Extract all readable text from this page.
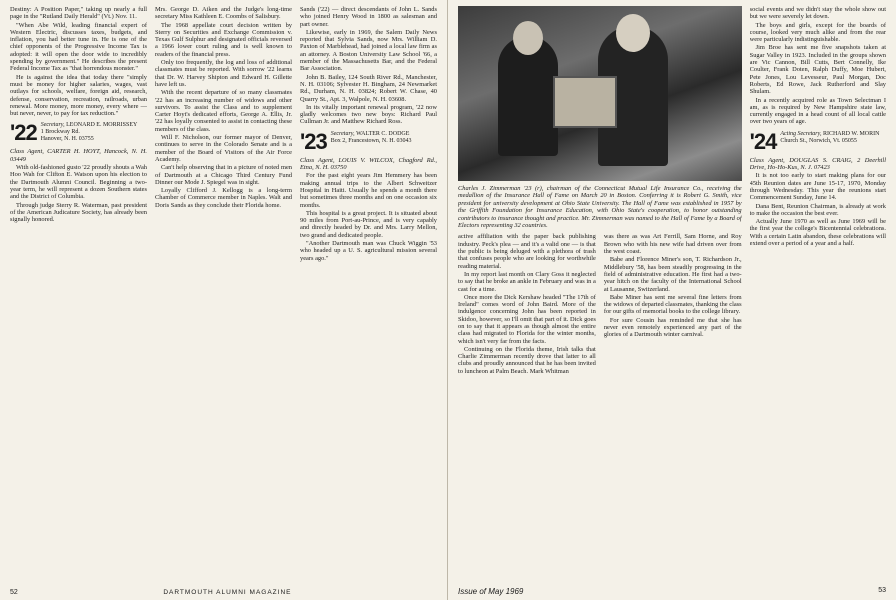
Destiny: A Position Paper," taking up nearly a full page in the "Rutland Daily Herald" (Vt.) Nov. 11.

"When Abe Wild, leading financial expert of Western Electric, discusses taxes, budgets, and inflation, you had better tune in. He is one of the chief opponents of the Progressive Income Tax is adopted: it will open the door wide to incredibly spending by government." He describes the present Federal Income Tax as "that horrendous monster."

He is against the idea that today there "simply must be money for higher salaries, wages, vast outlays for schools, welfare, foreign aid, research, defense, conservation, recreation, railroads, urban renewal. More money, more money, every where — but never, never, to pay for tax reduction."

'22 Secretary, LEONARD E. MORRISSEY
1 Brockway Rd.
Hanover, N. H. 03755

Class Agent, CARTER H. HOYT, Hancock, N. H. 03449

With old-fashioned gusto '22 proudly shouts a Wah Hoo Wah for Clifton E. Watson upon his election to the Dartmouth Alumni Council. Beginning a two-year term, he will represent a dozen Southern states and the District of Columbia.

Through judge Sterry R. Waterman, past president of the American Judicature Society, has already been signally honored.

Mrs. George D. Aiken and the Judge's long-time secretary Miss Kathleen E. Coombs of Salisbury.

The 1968 appellate court decision written by Sterry on Securities and Exchange Commission v. Texas Gulf Sulphur and designated officials reversed a 1966 lower court ruling and is well known to readers of the financial press.

Only too frequently, the log and loss of additional classmates must be reported. With sorrow '22 learns that Dr. W. Harvey Shipton and Edward H. Gillette have left us.

With the recent departure of so many classmates '22 has an increasing number of widows and other survivors. To assist the Class and to supplement Carter Hoyt's dedicated efforts, George A. Ellis, Jr. '22 has loyally consented to assist in contacting these members of the class.

Will F. Nicholson, our former mayor of Denver, continues to serve in the Colorado Senate and is a member of the Board of Visitors of the Air Force Academy.

Can't help observing that in a picture of noted men of Dartmouth at a Chicago Third Century Fund Dinner our Mode J. Spiegel was in sight.

Loyally Clifford J. Kellogg is a long-term Chamber of Commerce member in Naples. Walt and Doris Sands as they conclude their Florida home.

Sands ('22) — direct descendants of John L. Sands who joined Henry Wood in 1800 as salesman and part owner.

Likewise, early in 1969, the Salem Daily News reported that Sylvia Sands, now Mrs. William D. Paxton of Marblehead, had joined a local law firm as an attorney. A Boston University Law School '66, a member of the Massachusetts Bar, and the Federal Bar Association.

John B. Bailey, 124 South River Rd., Manchester, N. H. 03106; Sylvester H. Bingham, 24 Newmarket Rd., Durham, N. H. 03824; Robert W. Chase, 40 Quarry St., Apt. 3, Walpole, N. H. 03608.

In its vitally important renewal program, '22 now gladly welcomes two new boys: Richard Paul Cullman Jr. and Matthew Richard Ross.

'23 Secretary, WALTER C. DODGE
Box 2, Francestown, N. H. 03043

Class Agent, LOUIS V. WILCOX, Chagford Rd., Etna, N. H. 03750

For the past eight years Jim Hemmery has been making annual trips to the Albert Schweitzer Hospital in Haiti. Usually he spends a month there but sometimes three months and on one occasion six months.

This hospital is a great project. It is situated about 90 miles from Port-au-Prince, and is very capably and directly headed by Dr. and Mrs. Larry Mellon, two grand and dedicated people.

"Another Dartmouth man was Chuck Wiggin '53 who headed up a U. S. agricultural mission several years ago."

52	DARTMOUTH ALUMNI MAGAZINE
Charles J. Zimmerman '23 (r), chairman of the Connecticut Mutual Life Insurance Co., receiving the medallion of the Insurance Hall of Fame on March 20 in Boston. Conferring it is Robert G. Smith, vice president for university development at Ohio State University. The Hall of Fame was established in 1957 by the Griffith Foundation for Insurance Education, with Ohio State's cooperation, to honor outstanding contributors to insurance thought and practice. Mr. Zimmerman was named to the Hall of Fame by a Board of Electors representing 32 countries.

active affiliation with the paper back publishing industry. Peck's plea — and it's a valid one — is that the public is being deluged with a plethora of trash that confuses people who are looking for worthwhile reading material.

In my report last month on Clary Goss it neglected to say that he broke an ankle in February and was in a cast for a time.

Once more the Dick Kershaw headed "The 17th of Ireland" comes word of John Baird. More of the indulgence concerning John has been reported in Skidoo, however, so I'll omit that part of it. Dick goes on to say that it appears as though almost the entire class had migrated to Florida for the winter months, which isn't very far from the facts.

Continuing on the Florida theme, Irish talks that Charlie Zimmerman recently drove that latter to all clubs and proudly announced that he has been invited to luncheon at Palm Beach. Mark Whitman

was there as was Art Ferrill, Sam Horne, and Roy Brown who with his new wife had driven over from the west coast.

Babe and Florence Miner's son, T. Richardson Jr., Middlebury '58, has been steadily progressing in the field of administrative education. He first had a two-year hitch on the faculty of the International School at Lausanne, Switzerland.

Babe Miner has sent me several fine letters from the widows of departed classmates, thanking the class for our gifts of memorial books to the college library.

For sure Cousin has reminded me that she has never even remotely experienced any part of the glories of a Dartmouth winter carnival.

social events and we didn't stay the whole show out but we were severely let down.

The boys and girls, except for the boards of course, looked very much alike and from the rear were particularly indistinguishable.

Jim Broe has sent me five snapshots taken at Sugar Valley in 1923. Included in the groups shown are Vic Cannon, Bill Cutts, Bert Connelly, Ike Coulter, Frank Doten, Ralph Duffy, Moe Hubert, Pete Jones, Lou Levesseur, Paul Morgan, Doc Roberts, Ed Rowe, Jack Rutherford and Slay Shulam.

In a recently acquired role as Town Selectman I am, as is required by New Hampshire state law, currently engaged in a head count of all local cattle over two years of age.

'24 Acting Secretary, RICHARD W. MORIN
Church St., Norwich, Vt. 05055

Class Agent, DOUGLAS S. CRAIG, 2 Deerhill Drive, Ho-Ho-Kus, N. J. 07423

It is not too early to start making plans for our 45th Reunion dates are June 15-17, 1970, Monday through Wednesday. This year the reunions start Commencement Sunday, June 14.

Dana Bent, Reunion Chairman, is already at work to make the occasion the best ever.

Actually June 1970 as well as June 1969 will be the first year the college's Bicentennial celebrations. With a certain Latin abandon, these celebrations will extend over a period of a year and a half.

Issue of May 1969	53
